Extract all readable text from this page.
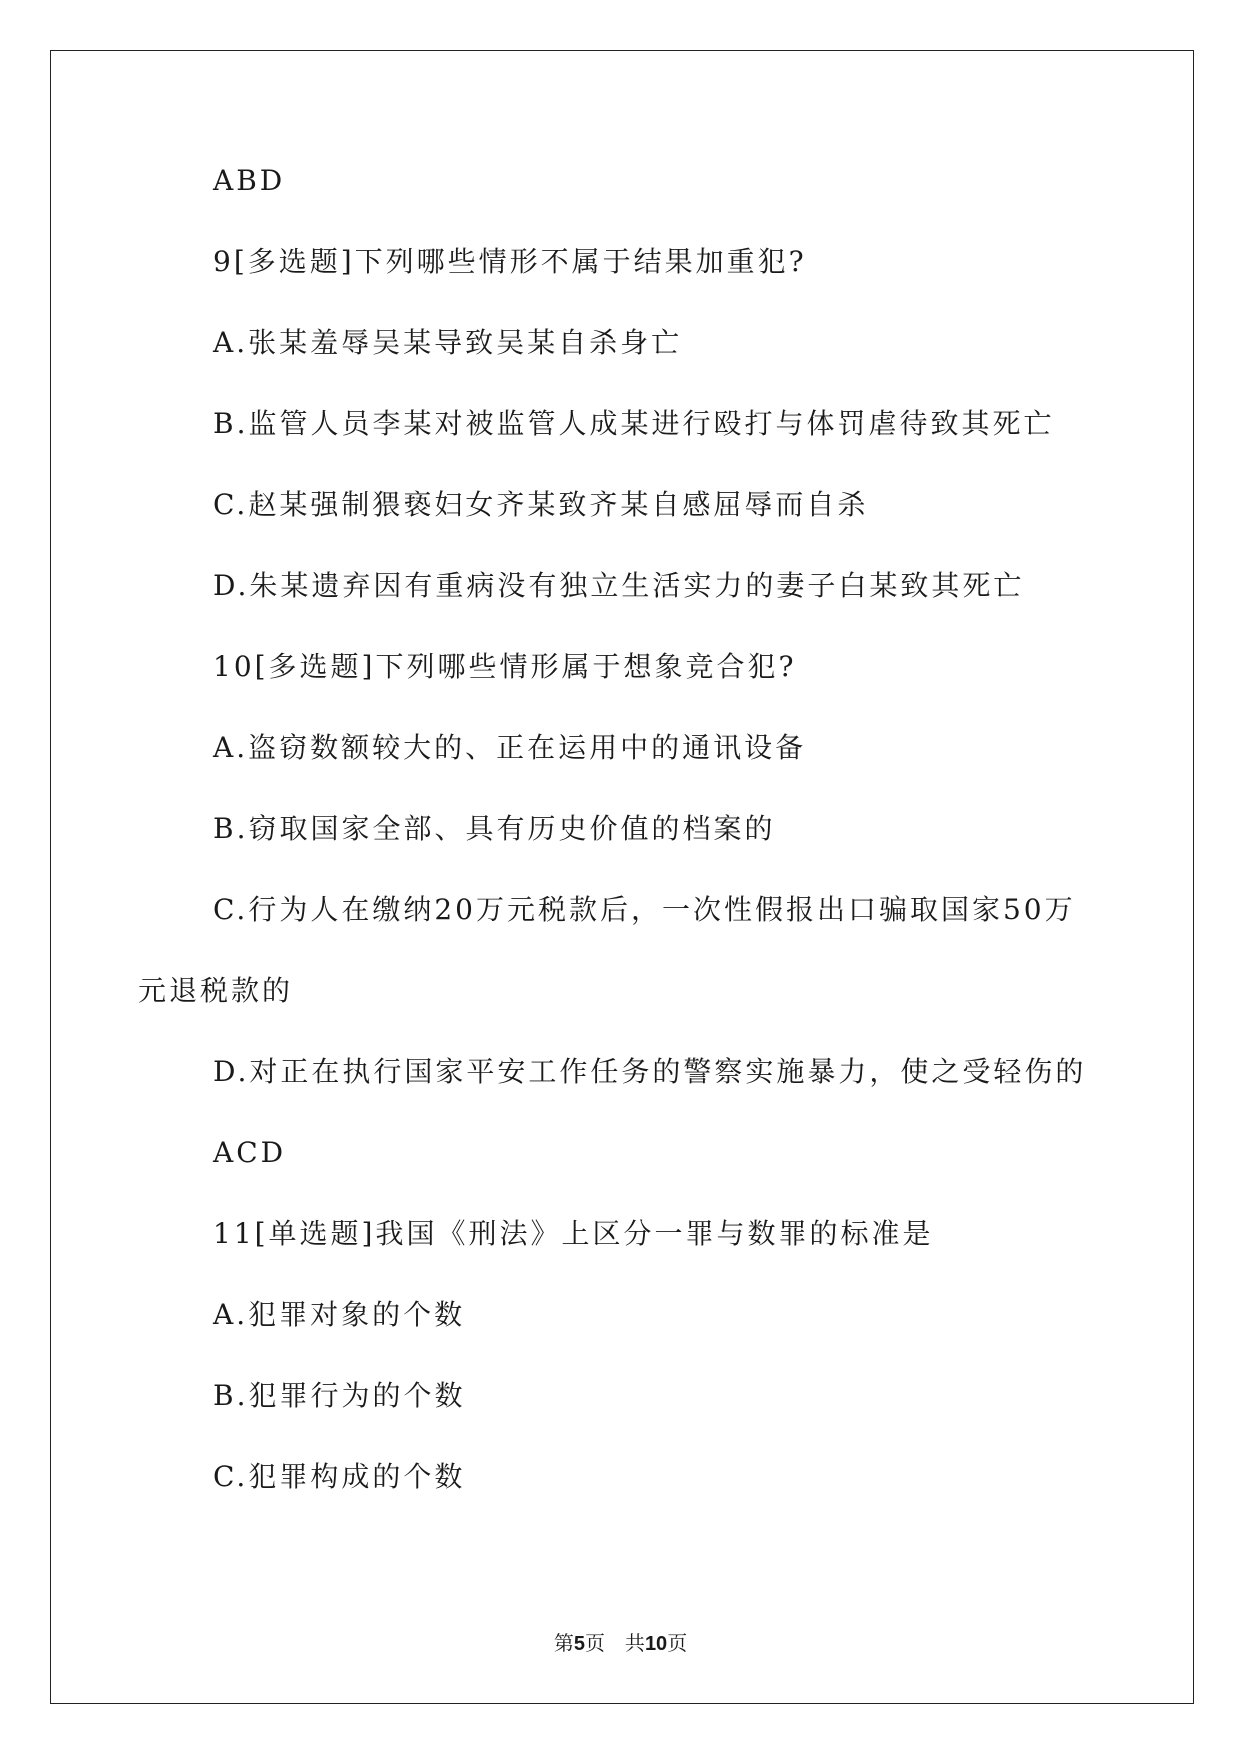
ABD
9[多选题]下列哪些情形不属于结果加重犯?
A.张某羞辱吴某导致吴某自杀身亡
B.监管人员李某对被监管人成某进行殴打与体罚虐待致其死亡
C.赵某强制猥亵妇女齐某致齐某自感屈辱而自杀
D.朱某遗弃因有重病没有独立生活实力的妻子白某致其死亡
10[多选题]下列哪些情形属于想象竞合犯?
A.盗窃数额较大的、正在运用中的通讯设备
B.窃取国家全部、具有历史价值的档案的
C.行为人在缴纳20万元税款后，一次性假报出口骗取国家50万
元退税款的
D.对正在执行国家平安工作任务的警察实施暴力，使之受轻伤的
ACD
11[单选题]我国《刑法》上区分一罪与数罪的标准是
A.犯罪对象的个数
B.犯罪行为的个数
C.犯罪构成的个数
第5页　共10页
